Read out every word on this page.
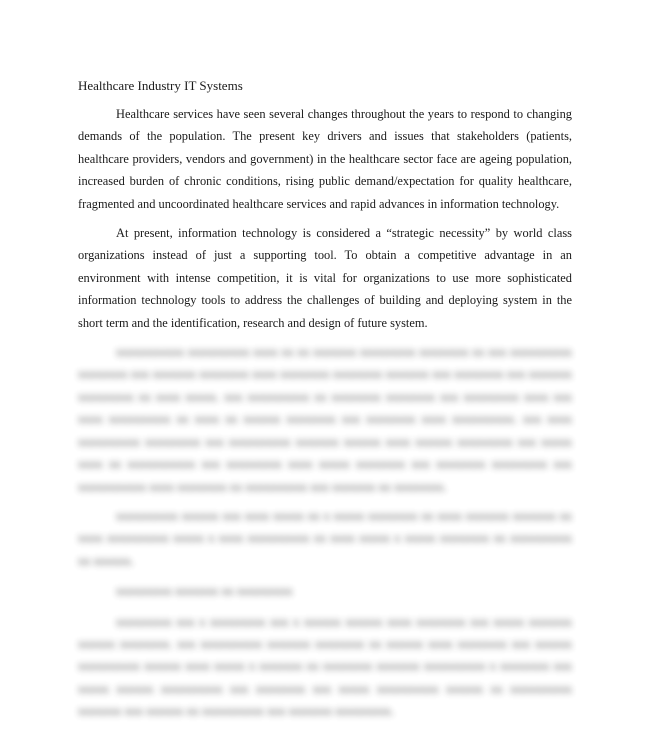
Healthcare Industry IT Systems

Healthcare services have seen several changes throughout the years to respond to changing demands of the population. The present key drivers and issues that stakeholders (patients, healthcare providers, vendors and government) in the healthcare sector face are ageing population, increased burden of chronic conditions, rising public demand/expectation for quality healthcare, fragmented and uncoordinated healthcare services and rapid advances in information technology.

At present, information technology is considered a “strategic necessity” by world class organizations instead of just a supporting tool. To obtain a competitive advantage in an environment with intense competition, it is vital for organizations to use more sophisticated information technology tools to address the challenges of building and deploying system in the short term and the identification, research and design of future system.

xxxxxxxxxxx xxxxxxxxxx xxxx xx xx xxxxxxx xxxxxxxxx xxxxxxxx xx xxx xxxxxxxxxx xxxxxxxx xxx xxxxxxx xxxxxxxx xxxx xxxxxxxx xxxxxxxx xxxxxxx xxx xxxxxxxx xxx xxxxxxx xxxxxxxxx xx xxxx xxxxx. xxx xxxxxxxxxx xx xxxxxxxx xxxxxxxx xxx xxxxxxxxx xxxx xxx xxxx xxxxxxxxxx xx xxxx xx xxxxxx xxxxxxxx xxx xxxxxxxx xxxx xxxxxxxxxx. xxx xxxx xxxxxxxxxx xxxxxxxxx xxx xxxxxxxxxx xxxxxxx xxxxxx xxxx xxxxxx xxxxxxxxx xxx xxxxx xxxx xx xxxxxxxxxxx xxx xxxxxxxxx xxxx xxxxx xxxxxxxx xxx xxxxxxxx xxxxxxxxx xxx xxxxxxxxxxx xxxx xxxxxxxx xx xxxxxxxxxx xxx xxxxxxx xx xxxxxxxx.

xxxxxxxxxx xxxxxx xxx xxxx xxxxx xx x xxxxx xxxxxxxx xx xxxx xxxxxxx xxxxxxx xx xxxx xxxxxxxxxx xxxxx x xxxx xxxxxxxxxx xx xxxx xxxxx x xxxxx xxxxxxxx xx xxxxxxxxxx xx xxxxxx.

xxxxxxxxx xxxxxxx xx xxxxxxxxx

xxxxxxxxx xxx x xxxxxxxxx xxx x xxxxxx xxxxxx xxxx xxxxxxxx xxx xxxxx xxxxxxx xxxxxx xxxxxxxx. xxx xxxxxxxxxx xxxxxxx xxxxxxxx xx xxxxxx xxxx xxxxxxxx xxx xxxxxx xxxxxxxxxx xxxxxx xxxx xxxxx x xxxxxxx xx xxxxxxxx xxxxxxx xxxxxxxxxx x xxxxxxxx xxx xxxxx xxxxxx xxxxxxxxxx xxx xxxxxxxx xxx xxxxx xxxxxxxxxx xxxxxx xx xxxxxxxxxx xxxxxxx xxx xxxxxx xx xxxxxxxxxx xxx xxxxxxx xxxxxxxxx.
